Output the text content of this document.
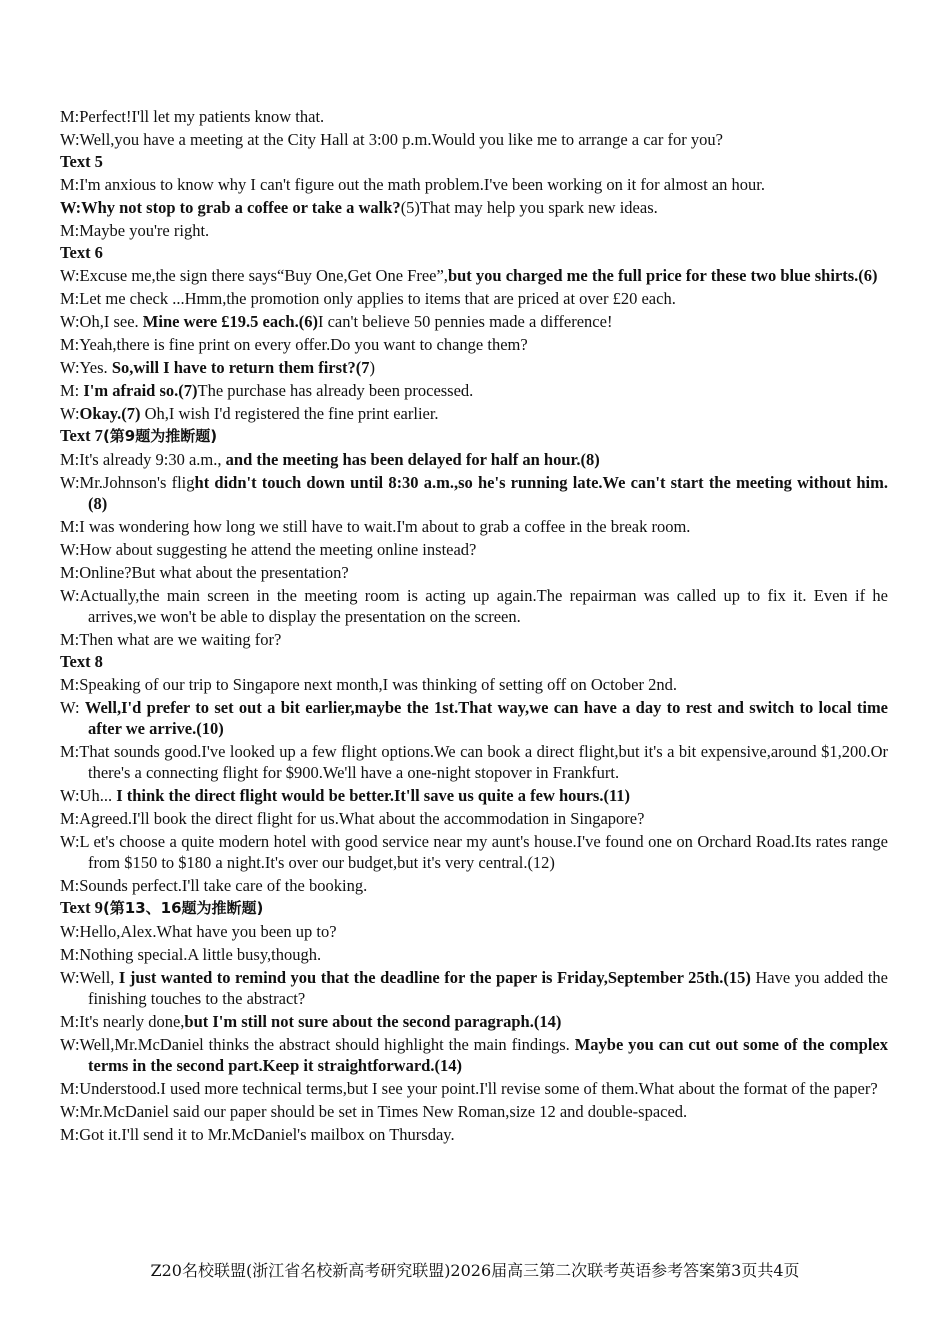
M:Perfect!I'll let my patients know that.
W:Well,you have a meeting at the City Hall at 3:00 p.m.Would you like me to arrange a car for you?
Text 5
M:I'm anxious to know why I can't figure out the math problem.I've been working on it for almost an hour.
W:Why not stop to grab a coffee or take a walk?(5)That may help you spark new ideas.
M:Maybe you're right.
Text 6
W:Excuse me,the sign there says“Buy One,Get One Free”,but you charged me the full price for these two blue shirts.(6)
M:Let me check ...Hmm,the promotion only applies to items that are priced at over £20 each.
W:Oh,I see. Mine were £19.5 each.(6)I can't believe 50 pennies made a difference!
M:Yeah,there is fine print on every offer.Do you want to change them?
W:Yes. So,will I have to return them first?(7)
M: I'm afraid so.(7)The purchase has already been processed.
W:Okay.(7) Oh,I wish I'd registered the fine print earlier.
Text 7(第9题为推断题)
M:It's already 9:30 a.m., and the meeting has been delayed for half an hour.(8)
W:Mr.Johnson's flight didn't touch down until 8:30 a.m.,so he's running late.We can't start the meeting without him.(8)
M:I was wondering how long we still have to wait.I'm about to grab a coffee in the break room.
W:How about suggesting he attend the meeting online instead?
M:Online?But what about the presentation?
W:Actually,the main screen in the meeting room is acting up again.The repairman was called up to fix it. Even if he arrives,we won't be able to display the presentation on the screen.
M:Then what are we waiting for?
Text 8
M:Speaking of our trip to Singapore next month,I was thinking of setting off on October 2nd.
W: Well,I'd prefer to set out a bit earlier,maybe the 1st.That way,we can have a day to rest and switch to local time after we arrive.(10)
M:That sounds good.I've looked up a few flight options.We can book a direct flight,but it's a bit expensive,around $1,200.Or there's a connecting flight for $900.We'll have a one-night stopover in Frankfurt.
W:Uh... I think the direct flight would be better.It'll save us quite a few hours.(11)
M:Agreed.I'll book the direct flight for us.What about the accommodation in Singapore?
W:L et's choose a quite modern hotel with good service near my aunt's house.I've found one on Orchard Road.Its rates range from $150 to $180 a night.It's over our budget,but it's very central.(12)
M:Sounds perfect.I'll take care of the booking.
Text 9(第13、16题为推断题)
W:Hello,Alex.What have you been up to?
M:Nothing special.A little busy,though.
W:Well, I just wanted to remind you that the deadline for the paper is Friday,September 25th.(15) Have you added the finishing touches to the abstract?
M:It's nearly done,but I'm still not sure about the second paragraph.(14)
W:Well,Mr.McDaniel thinks the abstract should highlight the main findings. Maybe you can cut out some of the complex terms in the second part.Keep it straightforward.(14)
M:Understood.I used more technical terms,but I see your point.I'll revise some of them.What about the format of the paper?
W:Mr.McDaniel said our paper should be set in Times New Roman,size 12 and double-spaced.
M:Got it.I'll send it to Mr.McDaniel's mailbox on Thursday.
Z20名校联盟(浙江省名校新高考研究联盟)2026届高三第二次联考英语参考答案第3页共4页
